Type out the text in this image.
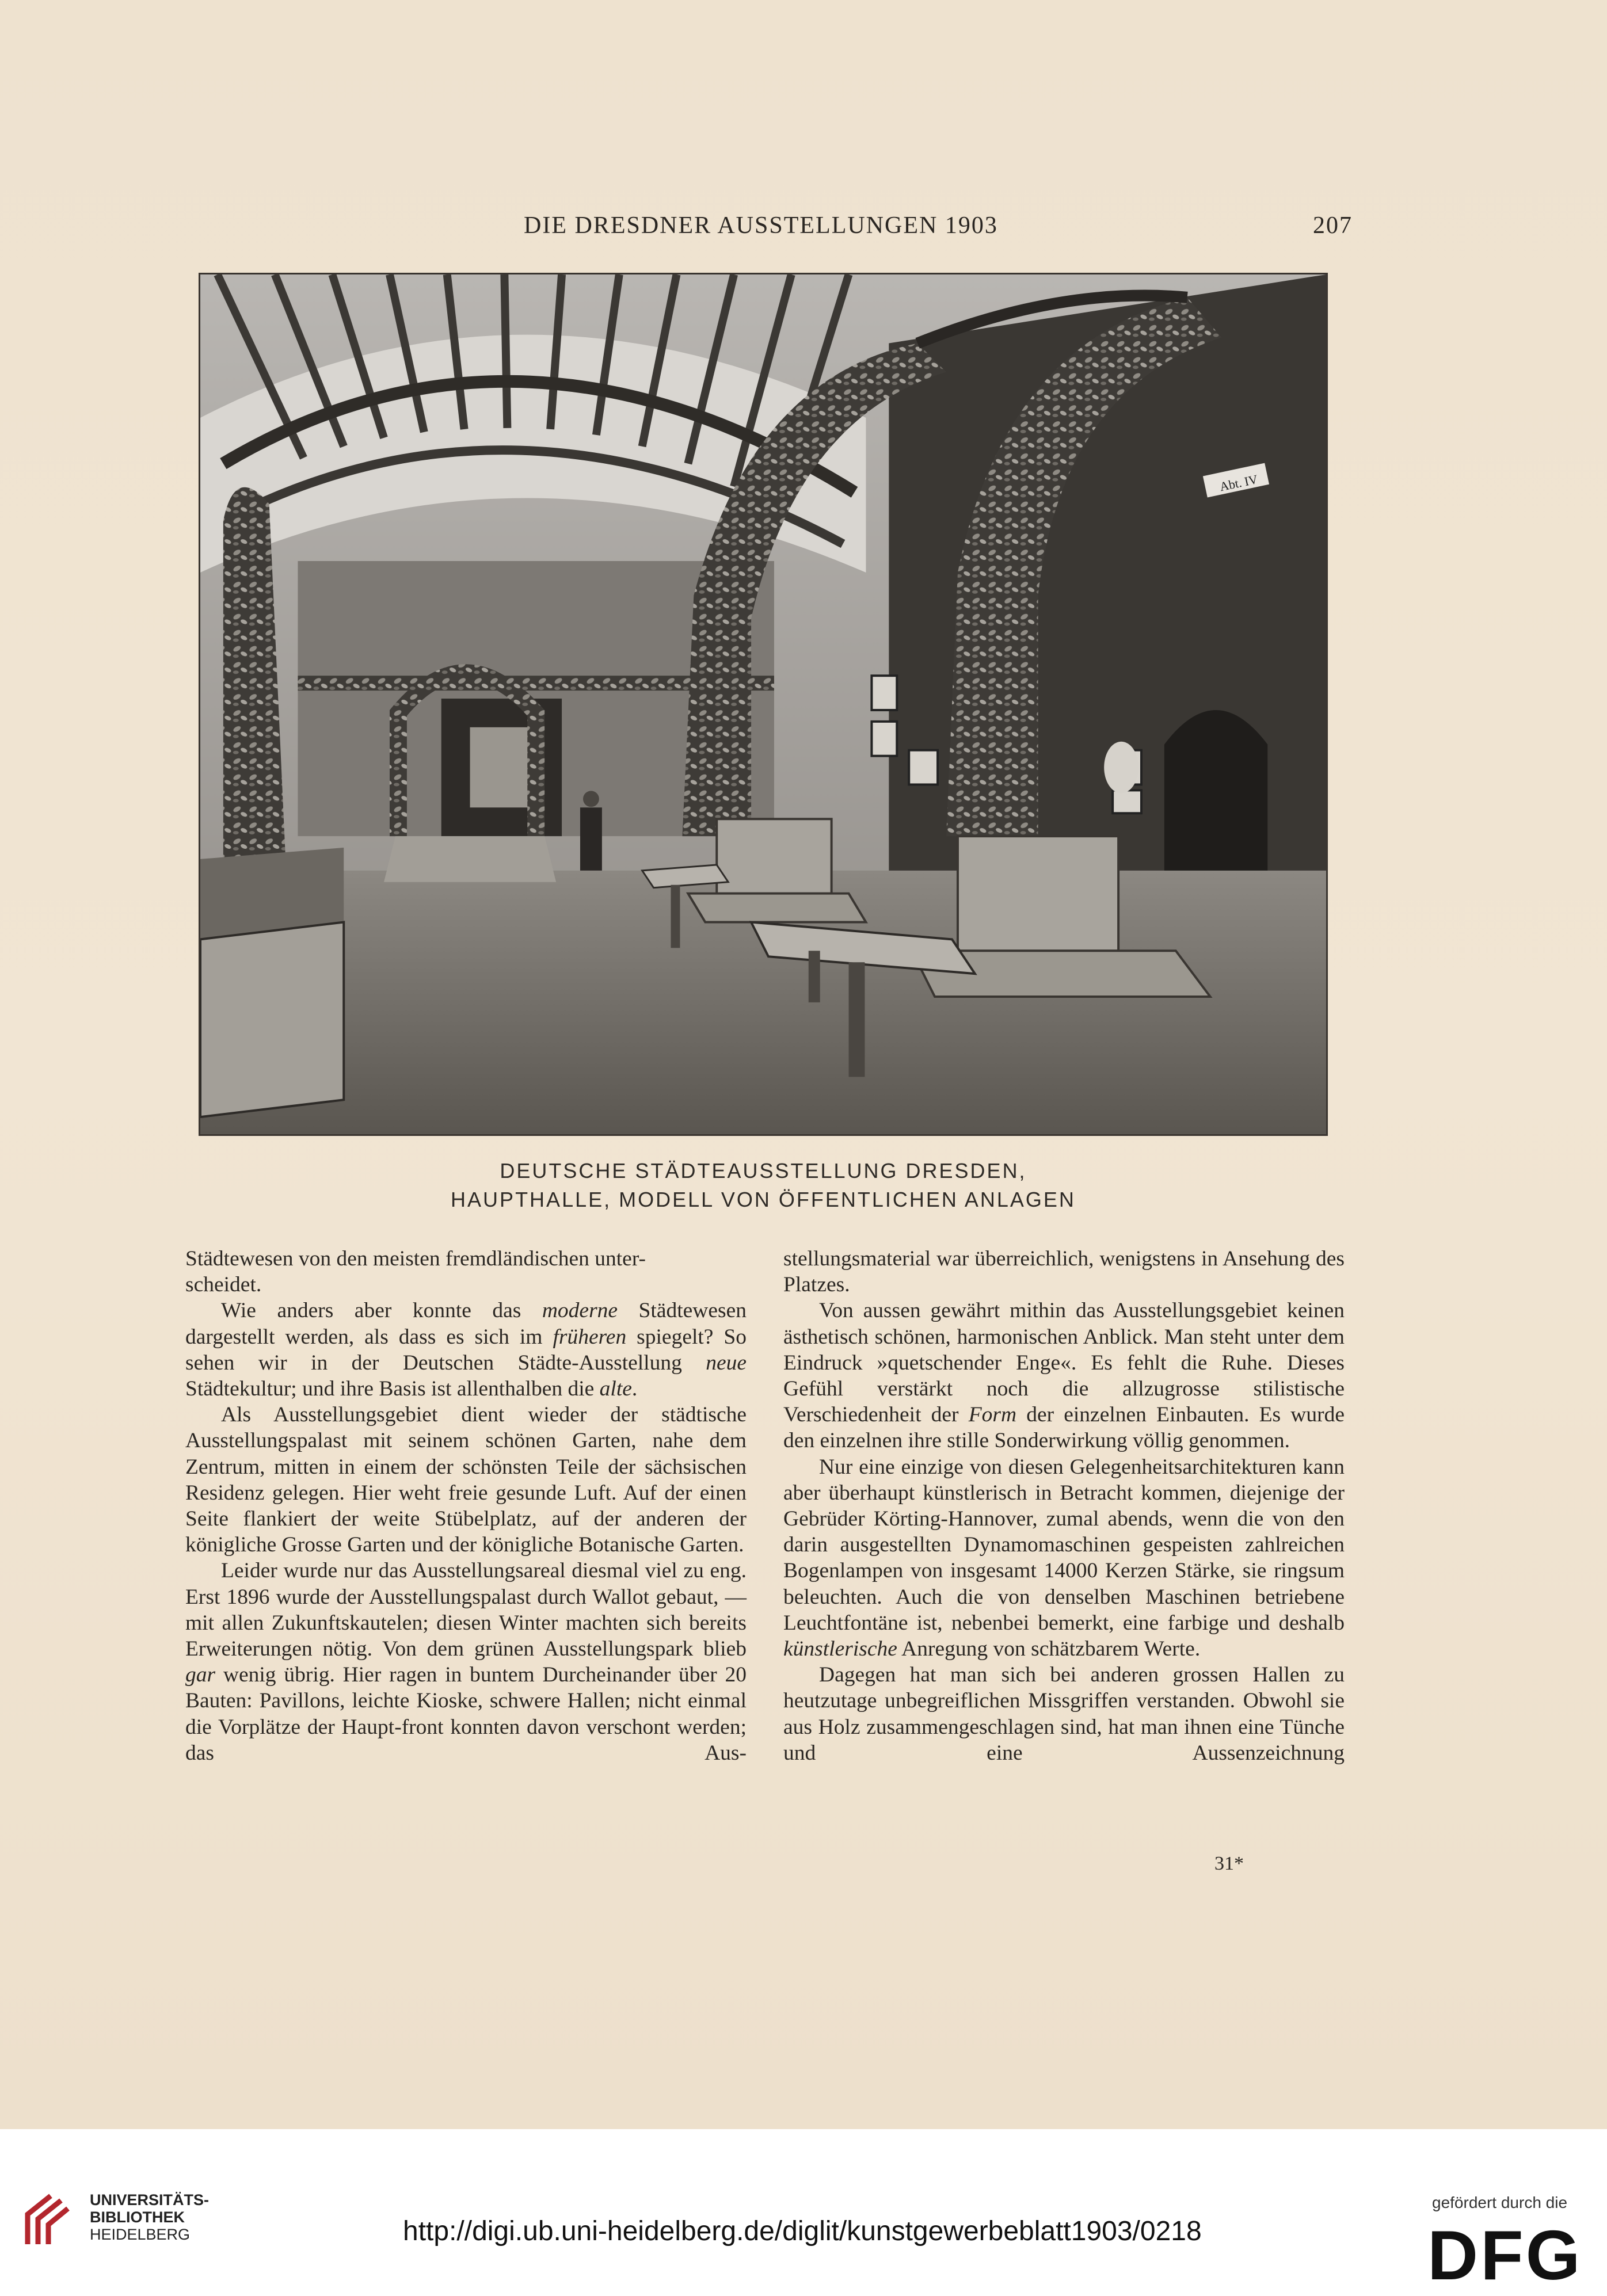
DIE DRESDNER AUSSTELLUNGEN 1903	207
Abt. IV
DEUTSCHE STÄDTEAUSSTELLUNG DRESDEN,
HAUPTHALLE, MODELL VON ÖFFENTLICHEN ANLAGEN

Städtewesen von den meisten fremdländischen unter-
scheidet.

Wie anders aber konnte das moderne Städtewesen dargestellt werden, als dass es sich im früheren spiegelt? So sehen wir in der Deutschen Städte-Ausstellung neue Städtekultur; und ihre Basis ist allenthalben die alte.

Als Ausstellungsgebiet dient wieder der städtische Ausstellungspalast mit seinem schönen Garten, nahe dem Zentrum, mitten in einem der schönsten Teile der sächsischen Residenz gelegen. Hier weht freie gesunde Luft. Auf der einen Seite flankiert der weite Stübelplatz, auf der anderen der königliche Grosse Garten und der königliche Botanische Garten.

Leider wurde nur das Ausstellungsareal diesmal viel zu eng. Erst 1896 wurde der Ausstellungspalast durch Wallot gebaut, — mit allen Zukunftskautelen; diesen Winter machten sich bereits Erweiterungen nötig. Von dem grünen Ausstellungspark blieb gar wenig übrig. Hier ragen in buntem Durcheinander über 20 Bauten: Pavillons, leichte Kioske, schwere Hallen; nicht einmal die Vorplätze der Haupt-front konnten davon verschont werden; das Aus-

stellungsmaterial war überreichlich, wenigstens in Ansehung des Platzes.

Von aussen gewährt mithin das Ausstellungsgebiet keinen ästhetisch schönen, harmonischen Anblick. Man steht unter dem Eindruck »quetschender Enge«. Es fehlt die Ruhe. Dieses Gefühl verstärkt noch die allzugrosse stilistische Verschiedenheit der Form der einzelnen Einbauten. Es wurde den einzelnen ihre stille Sonderwirkung völlig genommen.

Nur eine einzige von diesen Gelegenheitsarchitekturen kann aber überhaupt künstlerisch in Betracht kommen, diejenige der Gebrüder Körting-Hannover, zumal abends, wenn die von den darin ausgestellten Dynamomaschinen gespeisten zahlreichen Bogenlampen von insgesamt 14000 Kerzen Stärke, sie ringsum beleuchten. Auch die von denselben Maschinen betriebene Leuchtfontäne ist, nebenbei bemerkt, eine farbige und deshalb künstlerische Anregung von schätzbarem Werte.

Dagegen hat man sich bei anderen grossen Hallen zu heutzutage unbegreiflichen Missgriffen verstanden. Obwohl sie aus Holz zusammengeschlagen sind, hat man ihnen eine Tünche und eine Aussenzeichnung

31*
UNIVERSITÄTS-
BIBLIOTHEK
HEIDELBERG	http://digi.ub.uni-heidelberg.de/diglit/kunstgewerbeblatt1903/0218
gefördert durch die
DFG
